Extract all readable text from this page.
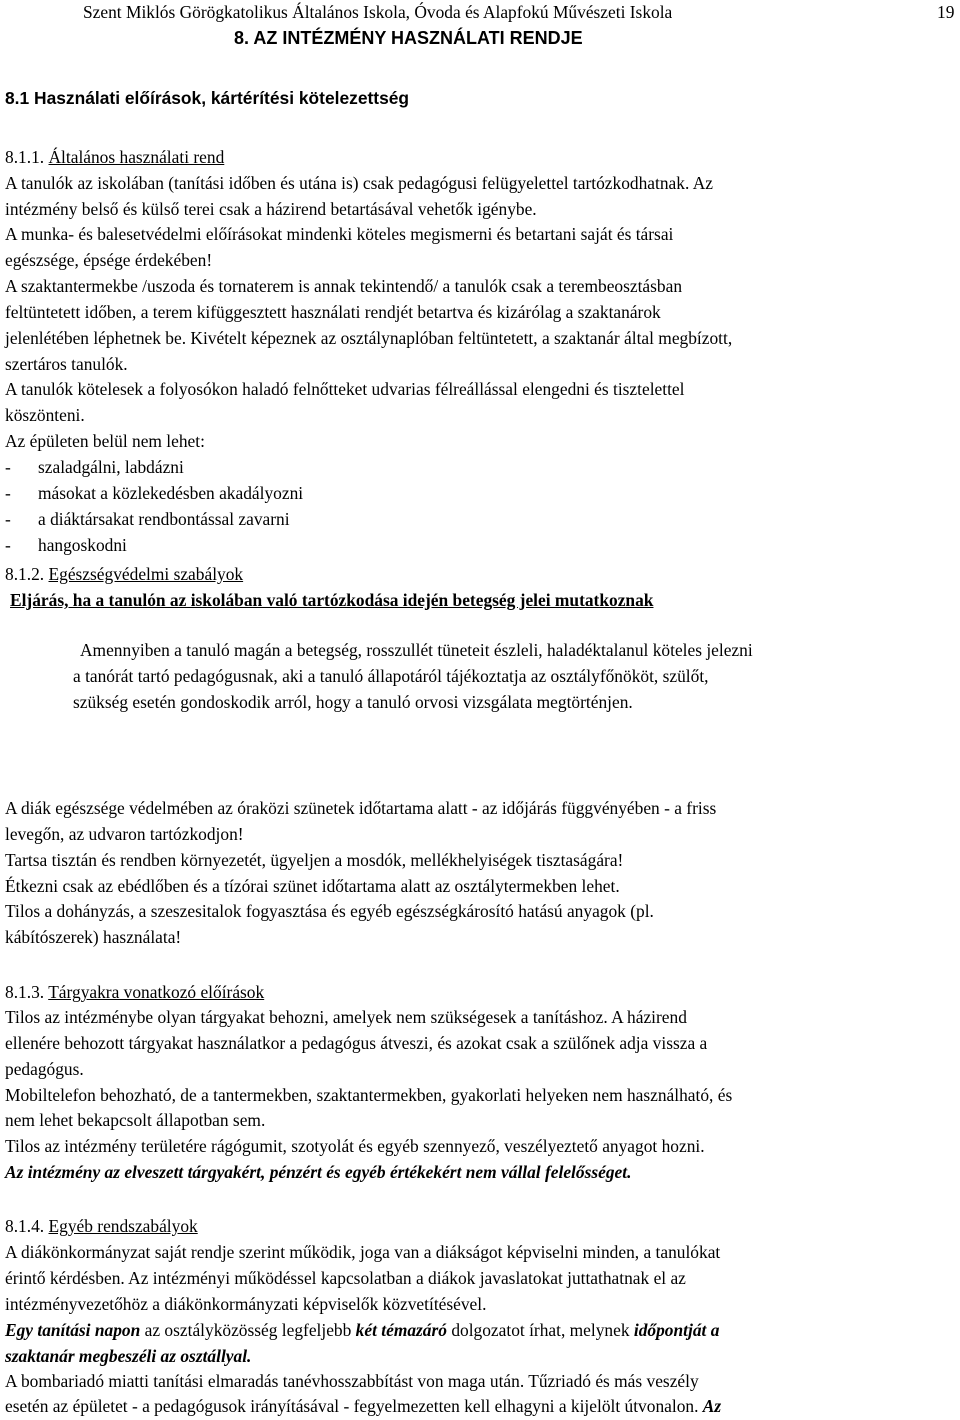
Szent Miklós Görögkatolikus Általános Iskola, Óvoda és Alapfokú Művészeti Iskola	19
8. AZ INTÉZMÉNY HASZNÁLATI RENDJE
8.1 Használati előírások, kártérítési kötelezettség
8.1.1. Általános használati rend
A tanulók az iskolában (tanítási időben és utána is) csak pedagógusi felügyelettel tartózkodhatnak. Az
intézmény belső és külső terei csak a házirend betartásával vehetők igénybe.
A munka- és balesetvédelmi előírásokat mindenki köteles megismerni és betartani saját és társai
egészsége, épsége érdekében!
A szaktantermekbe /uszoda és tornaterem is annak tekintendő/ a tanulók csak a terembeosztásban
feltüntetett időben, a terem kifüggesztett használati rendjét betartva és kizárólag a szaktanárok
jelenlétében léphetnek be. Kivételt képeznek az osztálynaplóban feltüntetett, a szaktanár által megbízott,
szertáros tanulók.
A tanulók kötelesek a folyosókon haladó felnőtteket udvarias félreállással elengedni és tisztelettel
köszönteni.
Az épületen belül nem lehet:
- szaladgálni, labdázni
- másokat a közlekedésben akadályozni
- a diáktársakat rendbontással zavarni
- hangoskodni
8.1.2. Egészségvédelmi szabályok
Eljárás, ha a tanulón az iskolában való tartózkodása idején betegség jelei mutatkoznak
Amennyiben a tanuló magán a betegség, rosszullét tüneteit észleli, haladéktalanul köteles jelezni
a tanórát tartó pedagógusnak, aki a tanuló állapotáról tájékoztatja az osztályfőnököt, szülőt,
szükség esetén gondoskodik arról, hogy a tanuló orvosi vizsgálata megtörténjen.
A diák egészsége védelmében az óraközi szünetek időtartama alatt - az időjárás függvényében - a friss
levegőn, az udvaron tartózkodjon!
Tartsa tisztán és rendben környezetét, ügyeljen a mosdók, mellékhelyiségek tisztaságára!
Étkezni csak az ebédlőben és a tízórai szünet időtartama alatt az osztálytermekben lehet.
Tilos a dohányzás, a szeszesitalok fogyasztása és egyéb egészségkárosító hatású anyagok (pl.
kábítószerek) használata!
8.1.3. Tárgyakra vonatkozó előírások
Tilos az intézménybe olyan tárgyakat behozni, amelyek nem szükségesek a tanításhoz. A házirend
ellenére behozott tárgyakat használatkor a pedagógus átveszi, és azokat csak a szülőnek adja vissza a
pedagógus.
Mobiltelefon behozható, de a tantermekben, szaktantermekben, gyakorlati helyeken nem használható, és
nem lehet bekapcsolt állapotban sem.
Tilos az intézmény területére rágógumit, szotyolát és egyéb szennyező, veszélyeztető anyagot hozni.
Az intézmény az elveszett tárgyakért, pénzért és egyéb értékekért nem vállal felelősséget.
8.1.4. Egyéb rendszabályok
A diákönkormányzat saját rendje szerint működik, joga van a diákságot képviselni minden, a tanulókat
érintő kérdésben. Az intézményi működéssel kapcsolatban a diákok javaslatokat juttathatnak el az
intézményvezetőhöz a diákönkormányzati képviselők közvetítésével.
Egy tanítási napon az osztályközösség legfeljebb két témazáró dolgozatot írhat, melynek időpontját a
szaktanár megbeszéli az osztállyal.
A bombariadó miatti tanítási elmaradás tanévhosszabbítást von maga után. Tűzriadó és más veszély
esetén az épületet - a pedagógusok irányításával - fegyelmezetten kell elhagyni a kijelölt útvonalon. Az
